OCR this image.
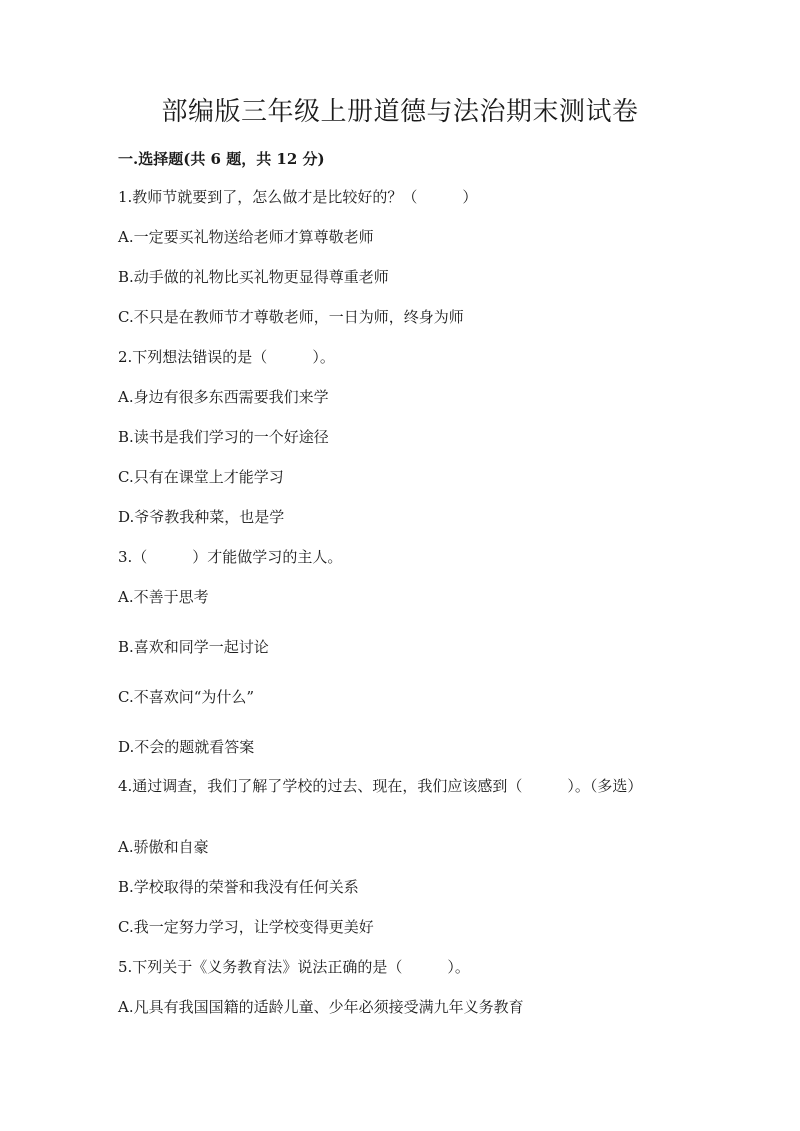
部编版三年级上册道德与法治期末测试卷

一.选择题(共 6 题，共 12 分)

1.教师节就要到了，怎么做才是比较好的？（　　　）

A.一定要买礼物送给老师才算尊敬老师

B.动手做的礼物比买礼物更显得尊重老师

C.不只是在教师节才尊敬老师，一日为师，终身为师

2.下列想法错误的是（　　　）。

A.身边有很多东西需要我们来学

B.读书是我们学习的一个好途径

C.只有在课堂上才能学习

D.爷爷教我种菜，也是学

3.（　　　）才能做学习的主人。

A.不善于思考

B.喜欢和同学一起讨论

C.不喜欢问“为什么”

D.不会的题就看答案

4.通过调查，我们了解了学校的过去、现在，我们应该感到（　　　）。（多选）

A.骄傲和自豪

B.学校取得的荣誉和我没有任何关系

C.我一定努力学习，让学校变得更美好

5.下列关于《义务教育法》说法正确的是（　　　）。

A.凡具有我国国籍的适龄儿童、少年必须接受满九年义务教育
